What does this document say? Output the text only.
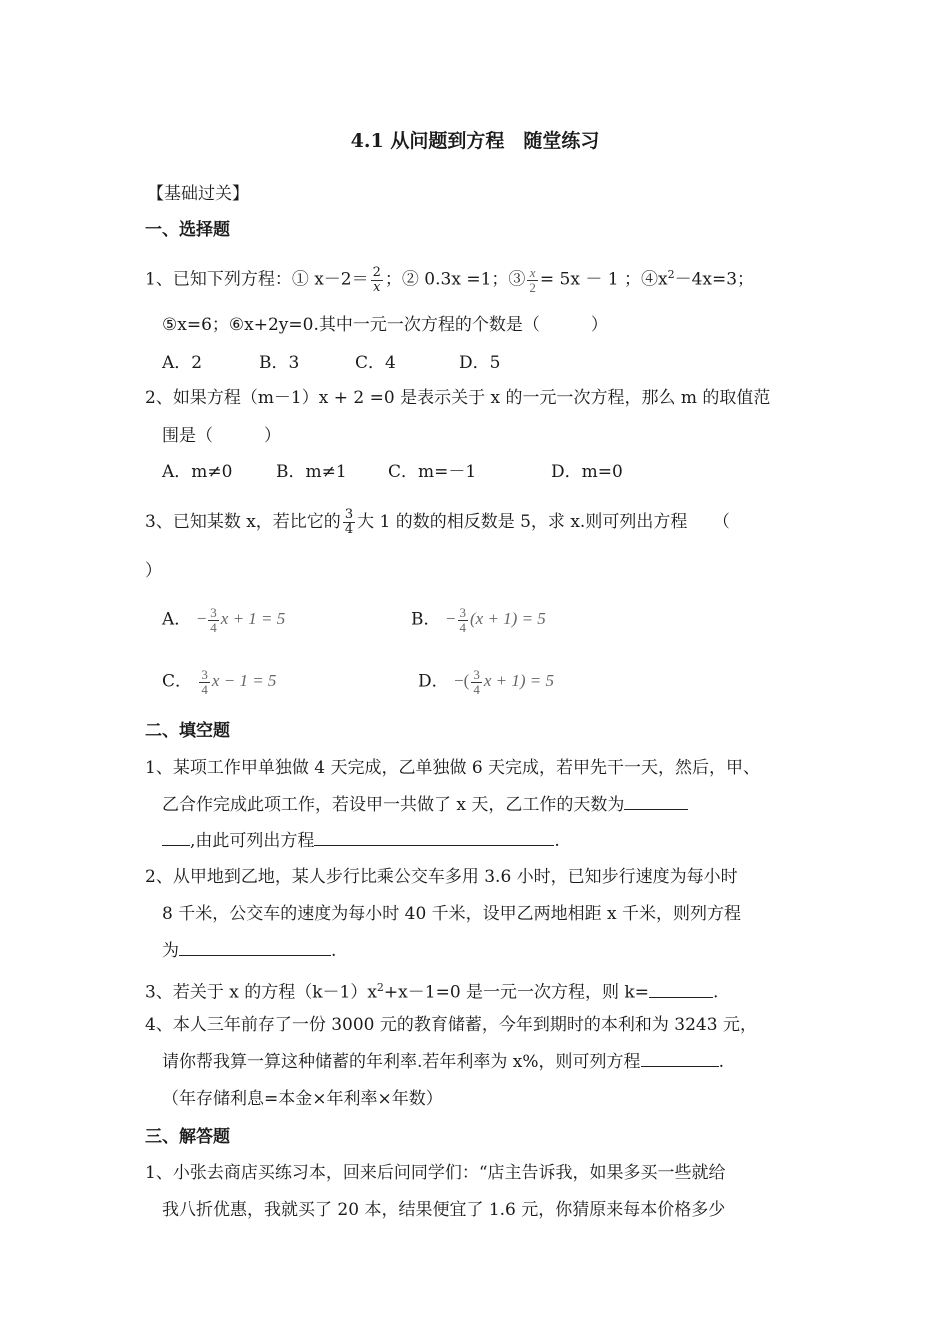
4.1 从问题到方程　随堂练习
【基础过关】
一、选择题
1、已知下列方程：① $x-2= \frac{2}{x}$ ；② 0.3x =1；③ $\frac{x}{2} = 5x - 1$ ；$④x^2-4x=3$；
⑤x=6；⑥x+2y=0.其中一元一次方程的个数是（　　　）
A．2	B．3	C．4	D．5
2、如果方程（m－1）x + 2 =0 是表示关于 x 的一元一次方程，那么 m 的取值范
围是（　　　）
A．m≠0	B．m≠1 C．m=－1	D．m=0
3、已知某数 x，若比它的 $\frac{3}{4}$ 大 1 的数的相反数是 5，求 x.则可列出方程　　（
）
A． − $\frac{3}{4}$ x + 1 = 5	B． − $\frac{3}{4} (x + 1) = 5$
C． $\frac{3}{4}$ x − 1 = 5	D． −( $\frac{3}{4}$ x + 1) = 5
二、填空题
1、某项工作甲单独做 4 天完成，乙单独做 6 天完成，若甲先干一天，然后，甲、
乙合作完成此项工作，若设甲一共做了 x 天，乙工作的天数为
,由此可列出方程	.
2、从甲地到乙地，某人步行比乘公交车多用 3.6 小时，已知步行速度为每小时
8 千米，公交车的速度为每小时 40 千米，设甲乙两地相距 x 千米，则列方程
为	.
3、若关于 x 的方程$(k-1)x^2+x-1=0$ 是一元一次方程，则 k=	.
4、本人三年前存了一份 3000 元的教育储蓄，今年到期时的本利和为 3243 元，
请你帮我算一算这种储蓄的年利率.若年利率为 x%，则可列方程	.
（年存储利息=本金×年利率×年数）
三、解答题
1、小张去商店买练习本，回来后问同学们：“店主告诉我，如果多买一些就给
我八折优惠，我就买了 20 本，结果便宜了 1.6 元，你猜原来每本价格多少
